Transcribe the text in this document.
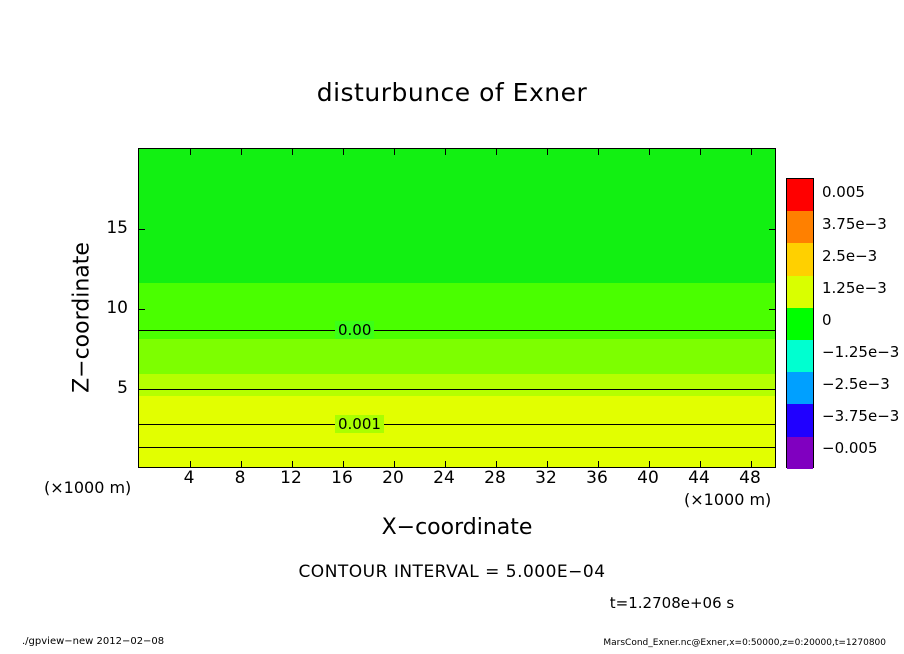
disturbunce of Exner
0.00
0.001
4 8 12 16 20 24 28 32 36 40 44 48
5
10
15
Z−coordinate
X−coordinate
(×1000 m)
(×1000 m)
CONTOUR INTERVAL = 5.000E−04
t=1.2708e+06 s
./gpview−new 2012−02−08	MarsCond_Exner.nc@Exner,x=0:50000,z=0:20000,t=1270800
0.005
3.75e−3
2.5e−3
1.25e−3
0
−1.25e−3
−2.5e−3
−3.75e−3
−0.005
